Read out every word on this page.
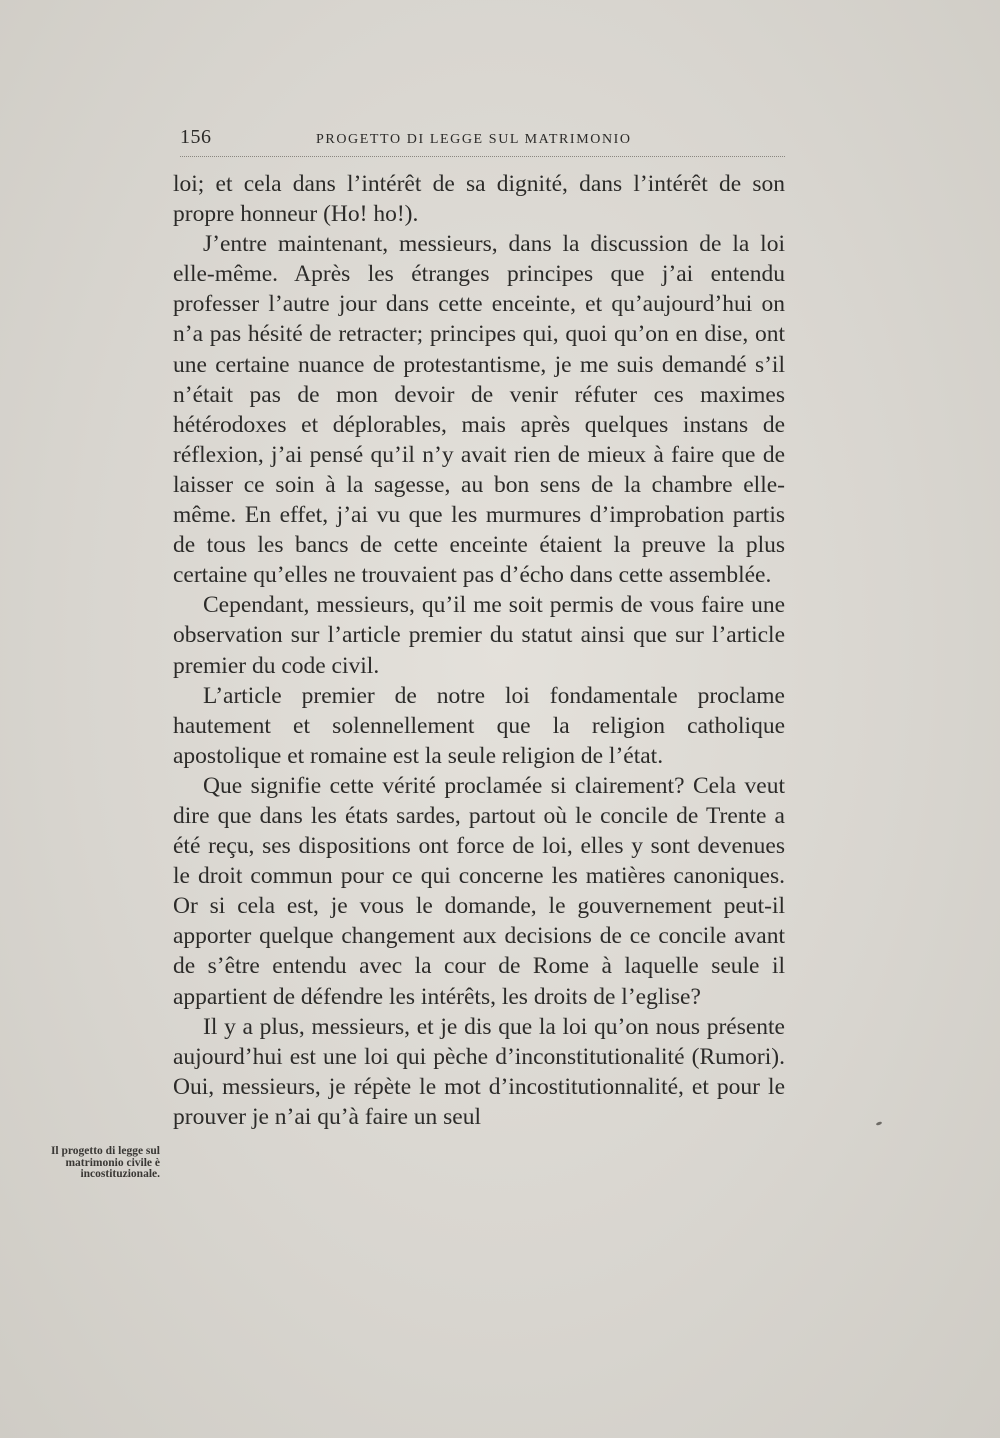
156	PROGETTO DI LEGGE SUL MATRIMONIO

loi; et cela dans l’intérêt de sa dignité, dans l’intérêt de son propre honneur (Ho! ho!).

J’entre maintenant, messieurs, dans la discussion de la loi elle-même. Après les étranges principes que j’ai entendu professer l’autre jour dans cette enceinte, et qu’aujourd’hui on n’a pas hésité de retracter; principes qui, quoi qu’on en dise, ont une certaine nuance de protestantisme, je me suis demandé s’il n’était pas de mon devoir de venir réfuter ces maximes hétérodoxes et déplorables, mais après quelques instans de réflexion, j’ai pensé qu’il n’y avait rien de mieux à faire que de laisser ce soin à la sagesse, au bon sens de la chambre elle-même. En effet, j’ai vu que les murmures d’improbation partis de tous les bancs de cette enceinte étaient la preuve la plus certaine qu’elles ne trouvaient pas d’écho dans cette assemblée.

Cependant, messieurs, qu’il me soit permis de vous faire une observation sur l’article premier du statut ainsi que sur l’article premier du code civil.

L’article premier de notre loi fondamentale proclame hautement et solennellement que la religion catholique apostolique et romaine est la seule religion de l’état.

Que signifie cette vérité proclamée si clairement? Cela veut dire que dans les états sardes, partout où le concile de Trente a été reçu, ses dispositions ont force de loi, elles y sont devenues le droit commun pour ce qui concerne les matières canoniques. Or si cela est, je vous le domande, le gouvernement peut-il apporter quelque changement aux decisions de ce concile avant de s’être entendu avec la cour de Rome à laquelle seule il appartient de défendre les intérêts, les droits de l’eglise?

Il y a plus, messieurs, et je dis que la loi qu’on nous présente aujourd’hui est une loi qui pèche d’inconstitutionalité (Rumori). Oui, messieurs, je répète le mot d’incostitutionnalité, et pour le prouver je n’ai qu’à faire un seul

Il progetto di legge sul matrimonio civile è incostituzionale.
